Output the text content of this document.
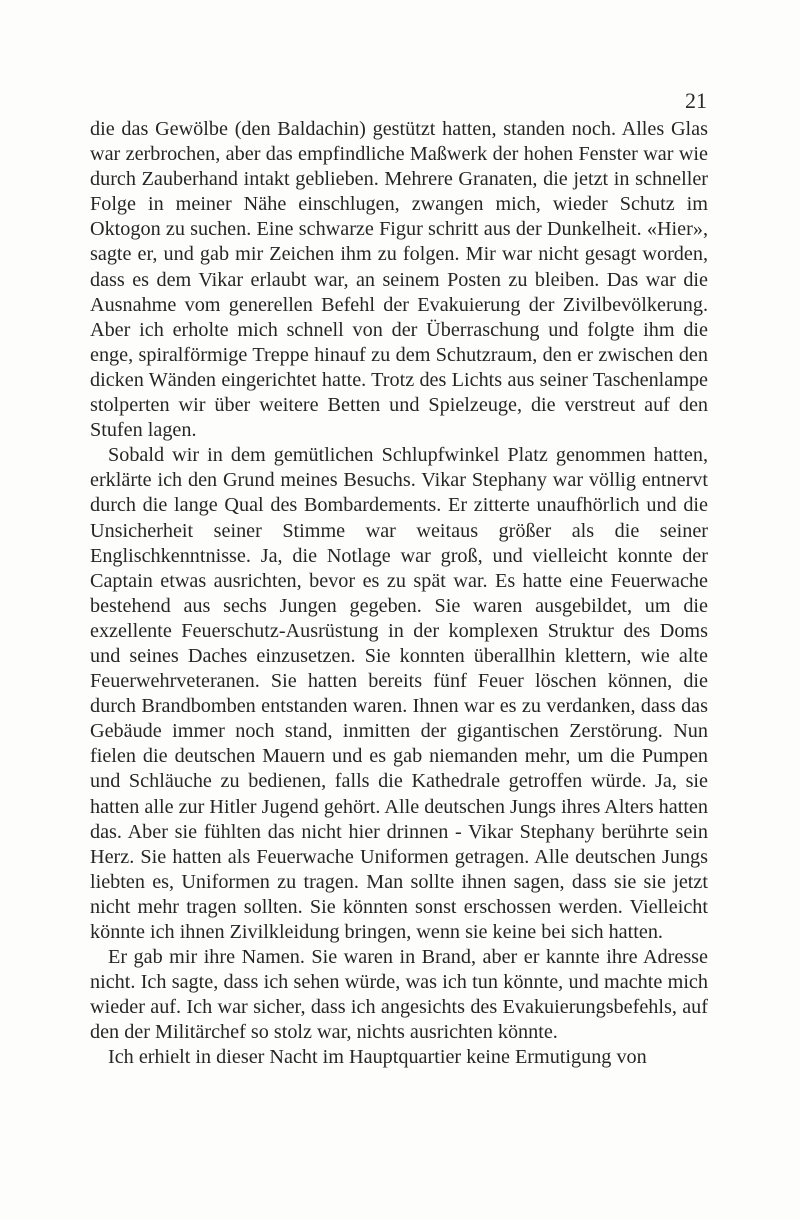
21

die das Gewölbe (den Baldachin) gestützt hatten, standen noch. Alles Glas war zerbrochen, aber das empfindliche Maßwerk der hohen Fenster war wie durch Zauberhand intakt geblieben. Mehrere Granaten, die jetzt in schneller Folge in meiner Nähe einschlugen, zwangen mich, wieder Schutz im Oktogon zu suchen. Eine schwarze Figur schritt aus der Dunkelheit. «Hier», sagte er, und gab mir Zeichen ihm zu folgen. Mir war nicht gesagt worden, dass es dem Vikar erlaubt war, an seinem Posten zu bleiben. Das war die Ausnahme vom generellen Befehl der Evakuierung der Zivilbevölkerung. Aber ich erholte mich schnell von der Überraschung und folgte ihm die enge, spiralförmige Treppe hinauf zu dem Schutzraum, den er zwischen den dicken Wänden eingerichtet hatte. Trotz des Lichts aus seiner Taschenlampe stolperten wir über weitere Betten und Spielzeuge, die verstreut auf den Stufen lagen.

Sobald wir in dem gemütlichen Schlupfwinkel Platz genommen hatten, erklärte ich den Grund meines Besuchs. Vikar Stephany war völlig entnervt durch die lange Qual des Bombardements. Er zitterte unaufhörlich und die Unsicherheit seiner Stimme war weitaus größer als die seiner Englischkenntnisse. Ja, die Notlage war groß, und vielleicht konnte der Captain etwas ausrichten, bevor es zu spät war. Es hatte eine Feuerwache bestehend aus sechs Jungen gegeben. Sie waren ausgebildet, um die exzellente Feuerschutz-Ausrüstung in der komplexen Struktur des Doms und seines Daches einzusetzen. Sie konnten überallhin klettern, wie alte Feuerwehrveteranen. Sie hatten bereits fünf Feuer löschen können, die durch Brandbomben entstanden waren. Ihnen war es zu verdanken, dass das Gebäude immer noch stand, inmitten der gigantischen Zerstörung. Nun fielen die deutschen Mauern und es gab niemanden mehr, um die Pumpen und Schläuche zu bedienen, falls die Kathedrale getroffen würde. Ja, sie hatten alle zur Hitler Jugend gehört. Alle deutschen Jungs ihres Alters hatten das. Aber sie fühlten das nicht hier drinnen - Vikar Stephany berührte sein Herz. Sie hatten als Feuerwache Uniformen getragen. Alle deutschen Jungs liebten es, Uniformen zu tragen. Man sollte ihnen sagen, dass sie sie jetzt nicht mehr tragen sollten. Sie könnten sonst erschossen werden. Vielleicht könnte ich ihnen Zivilkleidung bringen, wenn sie keine bei sich hatten.

Er gab mir ihre Namen. Sie waren in Brand, aber er kannte ihre Adresse nicht. Ich sagte, dass ich sehen würde, was ich tun könnte, und machte mich wieder auf. Ich war sicher, dass ich angesichts des Evakuierungsbefehls, auf den der Militärchef so stolz war, nichts ausrichten könnte.

Ich erhielt in dieser Nacht im Hauptquartier keine Ermutigung von
